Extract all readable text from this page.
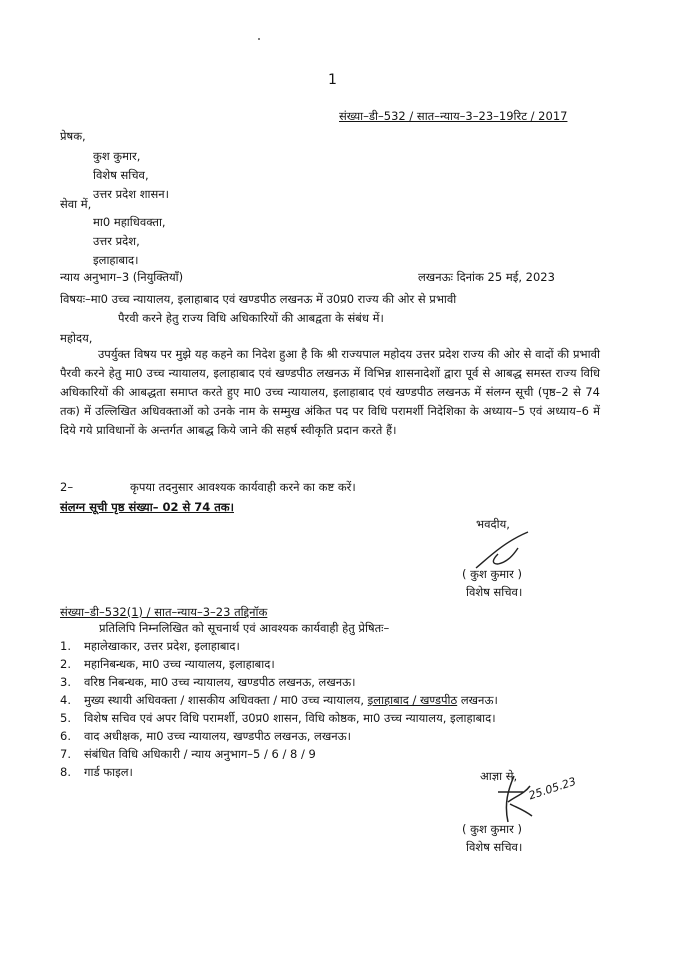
1
संख्या–डी–532 / सात–न्याय–3–23–19रिट / 2017
प्रेषक,
कुश कुमार,
विशेष सचिव,
उत्तर प्रदेश शासन।
सेवा में,
मा0 महाधिवक्ता,
उत्तर प्रदेश,
इलाहाबाद।
न्याय अनुभाग–3 (नियुक्तियॉं)	लखनऊः दिनांक 25 मई, 2023
विषयः–मा0 उच्च न्यायालय, इलाहाबाद एवं खण्डपीठ लखनऊ में उ0प्र0 राज्य की ओर से प्रभावी
पैरवी करने हेतु राज्य विधि अधिकारियों की आबद्वता के संबंध में।
महोदय,
उपर्युक्त विषय पर मुझे यह कहने का निदेश हुआ है कि श्री राज्यपाल महोदय उत्तर प्रदेश राज्य की ओर से वादों की प्रभावी पैरवी करने हेतु मा0 उच्च न्यायालय, इलाहाबाद एवं खण्डपीठ लखनऊ में विभिन्न शासनादेशों द्वारा पूर्व से आबद्ध समस्त राज्य विधि अधिकारियों की आबद्धता समाप्त करते हुए मा0 उच्च न्यायालय, इलाहाबाद एवं खण्डपीठ लखनऊ में संलग्न सूची (पृष्ठ–2 से 74 तक) में उल्लिखित अधिवक्ताओं को उनके नाम के सम्मुख अंकित पद पर विधि परामर्शी निदेशिका के अध्याय–5 एवं अध्याय–6 में दिये गये प्राविधानों के अन्तर्गत आबद्ध किये जाने की सहर्ष स्वीकृति प्रदान करते हैं।
2–	कृपया तदनुसार आवश्यक कार्यवाही करने का कष्ट करें।
संलग्न सूची पृष्ठ संख्या– 02 से 74 तक।
भवदीय,
( कुश कुमार )
विशेष सचिव।
संख्या–डी–532(1) / सात–न्याय–3–23 तद्दिनॉक
प्रतिलिपि निम्नलिखित को सूचनार्थ एवं आवश्यक कार्यवाही हेतु प्रेषितः–
1. महालेखाकार, उत्तर प्रदेश, इलाहाबाद।
2. महानिबन्धक, मा0 उच्च न्यायालय, इलाहाबाद।
3. वरिष्ठ निबन्धक, मा0 उच्च न्यायालय, खण्डपीठ लखनऊ, लखनऊ।
4. मुख्य स्थायी अधिवक्ता / शासकीय अधिवक्ता / मा0 उच्च न्यायालय, इलाहाबाद / खण्डपीठ लखनऊ।
5. विशेष सचिव एवं अपर विधि परामर्शी, उ0प्र0 शासन, विधि कोष्ठक, मा0 उच्च न्यायालय, इलाहाबाद।
6. वाद अधीक्षक, मा0 उच्च न्यायालय, खण्डपीठ लखनऊ, लखनऊ।
7. संबंधित विधि अधिकारी / न्याय अनुभाग–5 / 6 / 8 / 9
8. गार्ड फाइल।	आज्ञा से, 25.05.23
( कुश कुमार )
विशेष सचिव।
